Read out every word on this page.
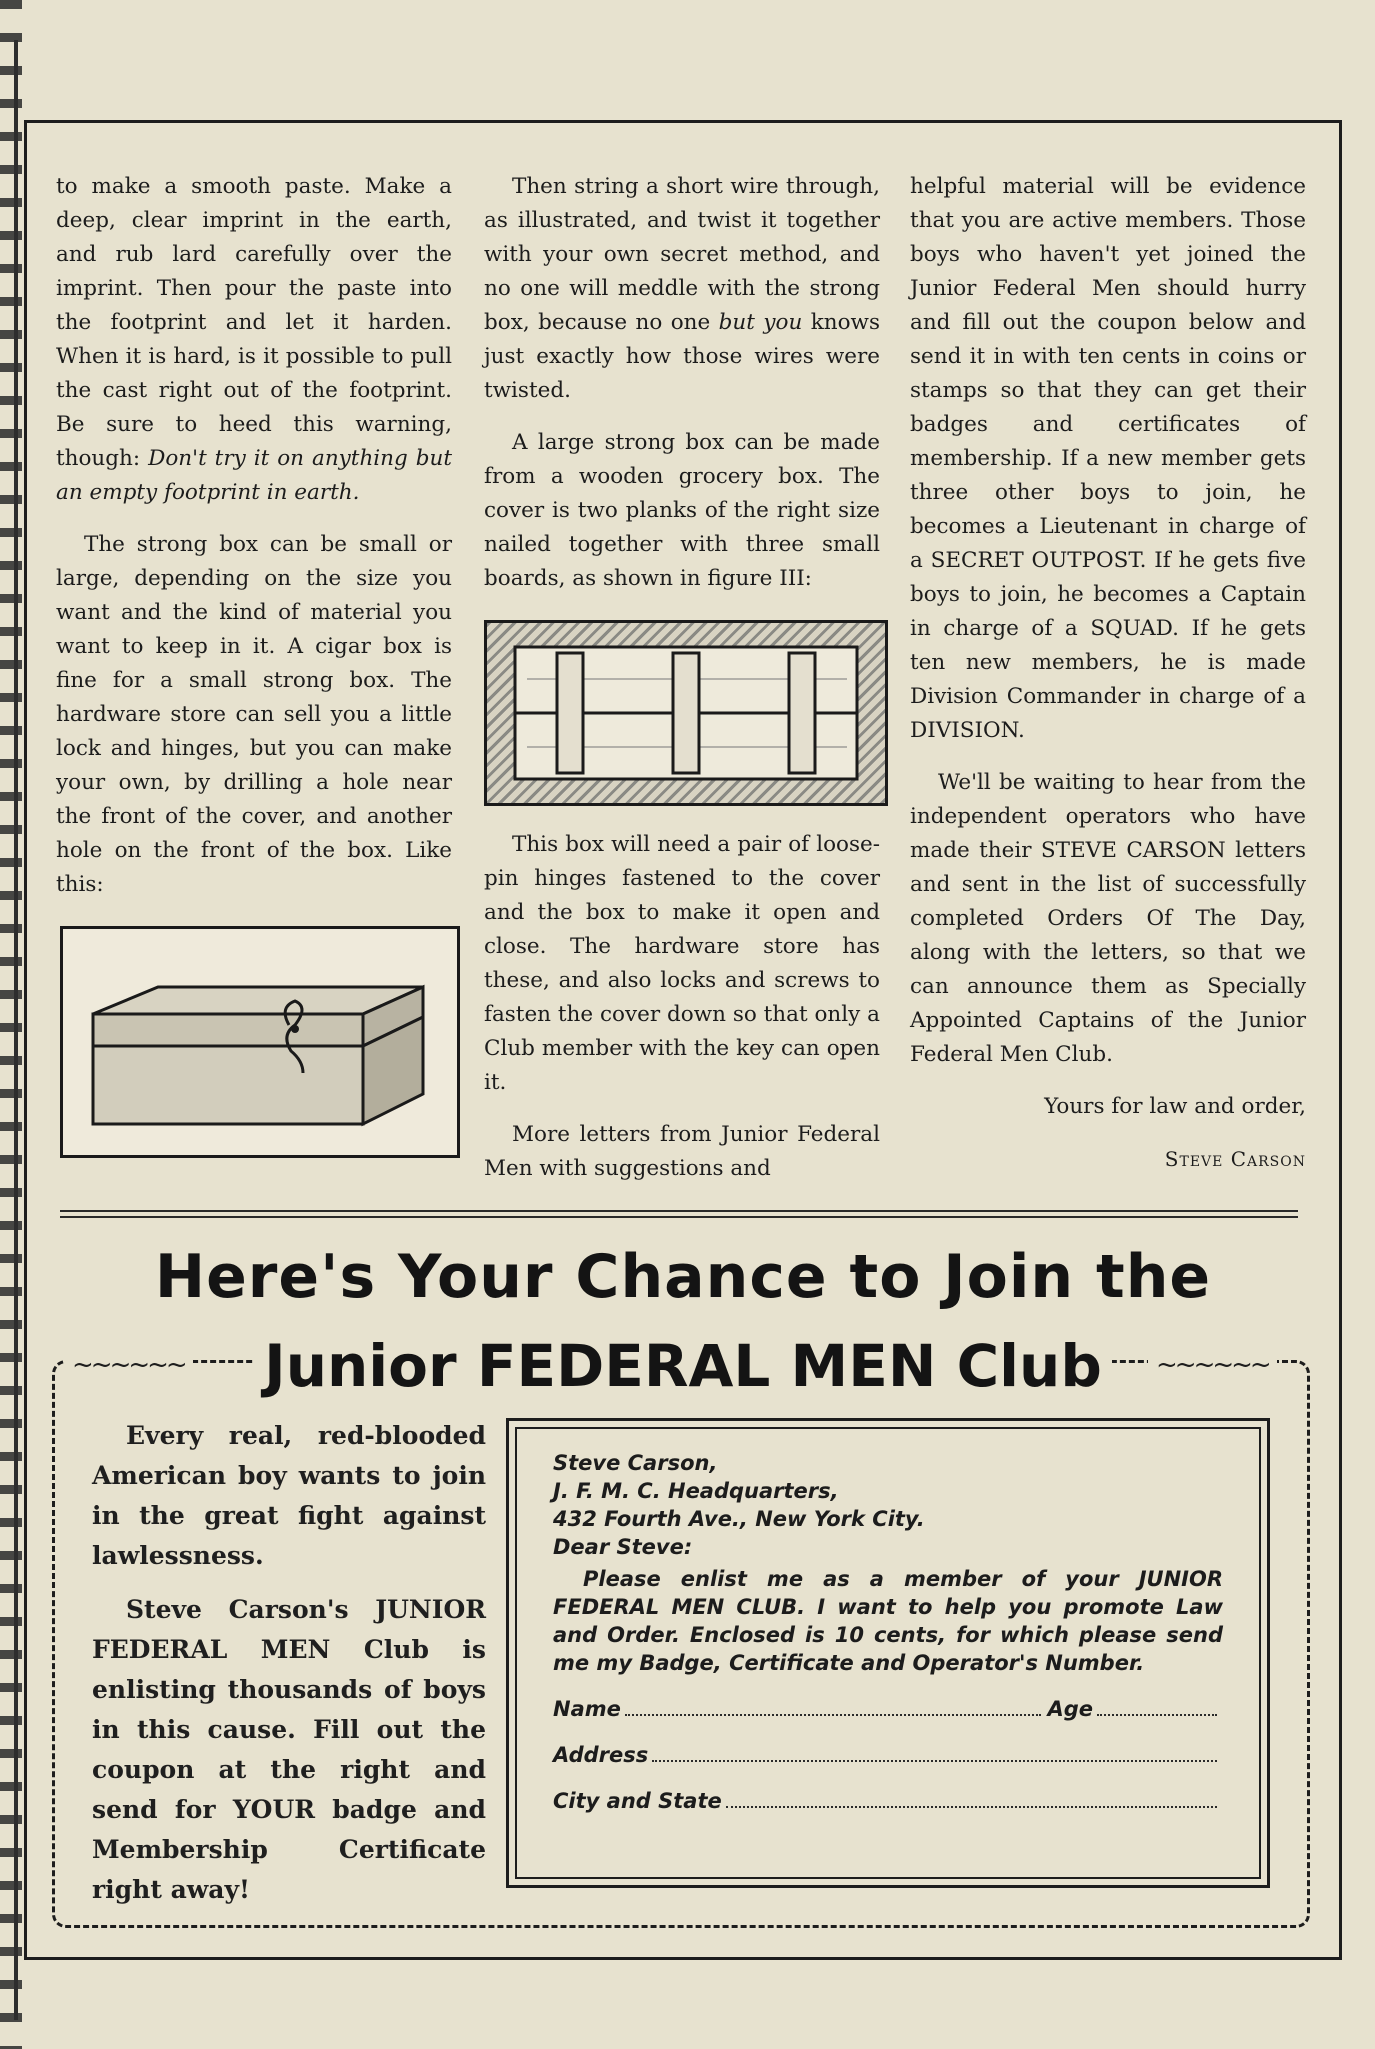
to make a smooth paste. Make a deep, clear imprint in the earth, and rub lard carefully over the imprint. Then pour the paste into the footprint and let it harden. When it is hard, is it possible to pull the cast right out of the footprint. Be sure to heed this warning, though: Don't try it on anything but an empty footprint in earth.

The strong box can be small or large, depending on the size you want and the kind of material you want to keep in it. A cigar box is fine for a small strong box. The hardware store can sell you a little lock and hinges, but you can make your own, by drilling a hole near the front of the cover, and another hole on the front of the box. Like this:

Then string a short wire through, as illustrated, and twist it together with your own secret method, and no one will meddle with the strong box, because no one but you knows just exactly how those wires were twisted.

A large strong box can be made from a wooden grocery box. The cover is two planks of the right size nailed together with three small boards, as shown in figure III:

This box will need a pair of loose-pin hinges fastened to the cover and the box to make it open and close. The hardware store has these, and also locks and screws to fasten the cover down so that only a Club member with the key can open it.

More letters from Junior Federal Men with suggestions and

helpful material will be evidence that you are active members. Those boys who haven't yet joined the Junior Federal Men should hurry and fill out the coupon below and send it in with ten cents in coins or stamps so that they can get their badges and certificates of membership. If a new member gets three other boys to join, he becomes a Lieutenant in charge of a SECRET OUTPOST. If he gets five boys to join, he becomes a Captain in charge of a SQUAD. If he gets ten new members, he is made Division Commander in charge of a DIVISION.

We'll be waiting to hear from the independent operators who have made their STEVE CARSON letters and sent in the list of successfully completed Orders Of The Day, along with the letters, so that we can announce them as Specially Appointed Captains of the Junior Federal Men Club.

Yours for law and order,

Steve Carson

~~~~~~	~~~~~~
Here's Your Chance to Join the
Junior FEDERAL MEN Club

Every real, red-blooded American boy wants to join in the great fight against lawlessness.

Steve Carson's JUNIOR FEDERAL MEN Club is enlisting thousands of boys in this cause. Fill out the coupon at the right and send for YOUR badge and Membership Certificate right away!

Steve Carson,
J. F. M. C. Headquarters,
432 Fourth Ave., New York City.
Dear Steve:
Please enlist me as a member of your JUNIOR FEDERAL MEN CLUB. I want to help you promote Law and Order. Enclosed is 10 cents, for which please send me my Badge, Certificate and Operator's Number.
Name	Age
Address
City and State
